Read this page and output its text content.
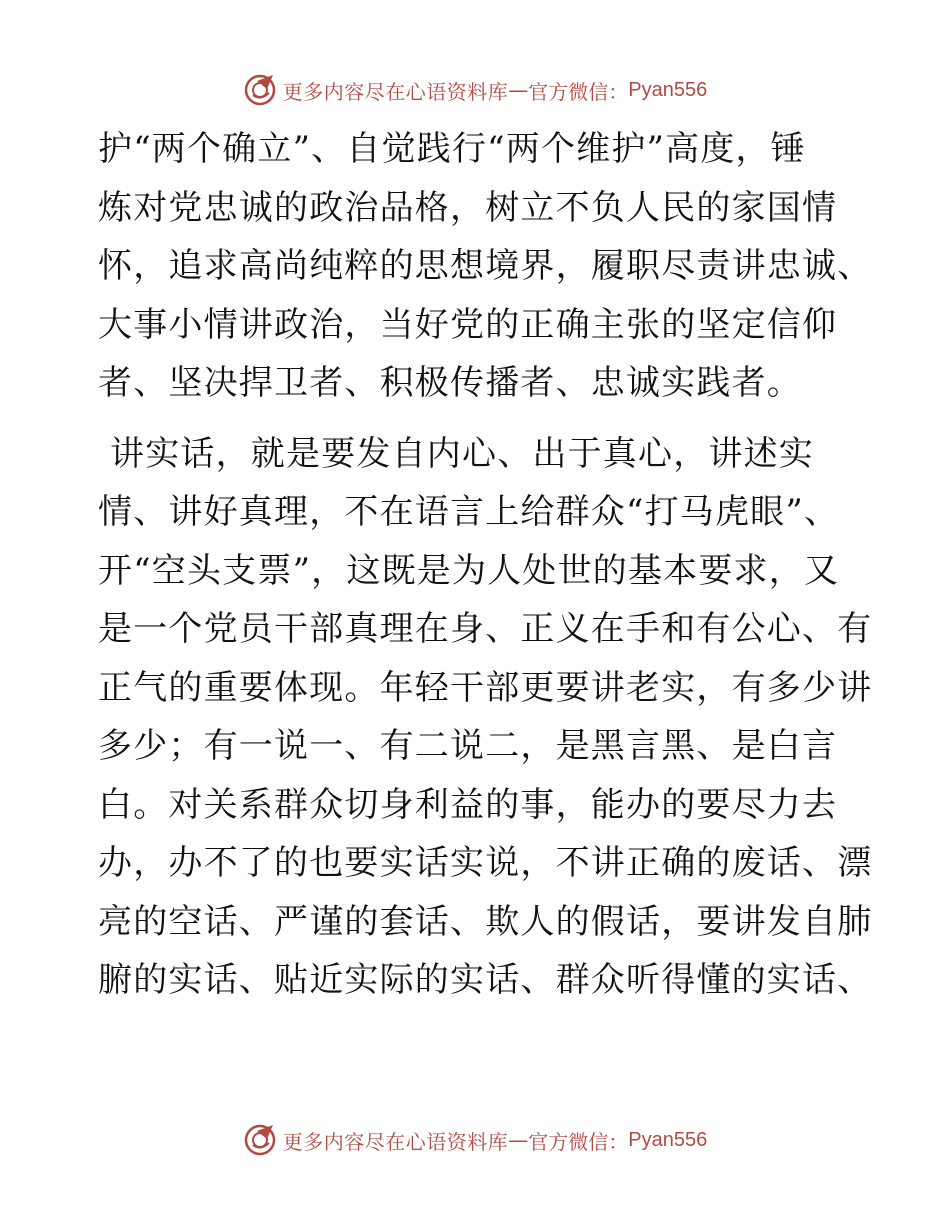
更多内容尽在心语资料库 — 官方微信： Pyan556
护“两个确立”、自觉践行“两个维护”高度，锤
炼对党忠诚的政治品格，树立不负人民的家国情
怀，追求高尚纯粹的思想境界，履职尽责讲忠诚、
大事小情讲政治，当好党的正确主张的坚定信仰
者、坚决捍卫者、积极传播者、忠诚实践者。
讲实话，就是要发自内心、出于真心，讲述实
情、讲好真理，不在语言上给群众“打马虎眼”、
开“空头支票”，这既是为人处世的基本要求，又
是一个党员干部真理在身、正义在手和有公心、有
正气的重要体现。年轻干部更要讲老实，有多少讲
多少；有一说一、有二说二，是黑言黑、是白言
白。对关系群众切身利益的事，能办的要尽力去
办，办不了的也要实话实说，不讲正确的废话、漂
亮的空话、严谨的套话、欺人的假话，要讲发自肺
腑的实话、贴近实际的实话、群众听得懂的实话、
更多内容尽在心语资料库 — 官方微信： Pyan556
